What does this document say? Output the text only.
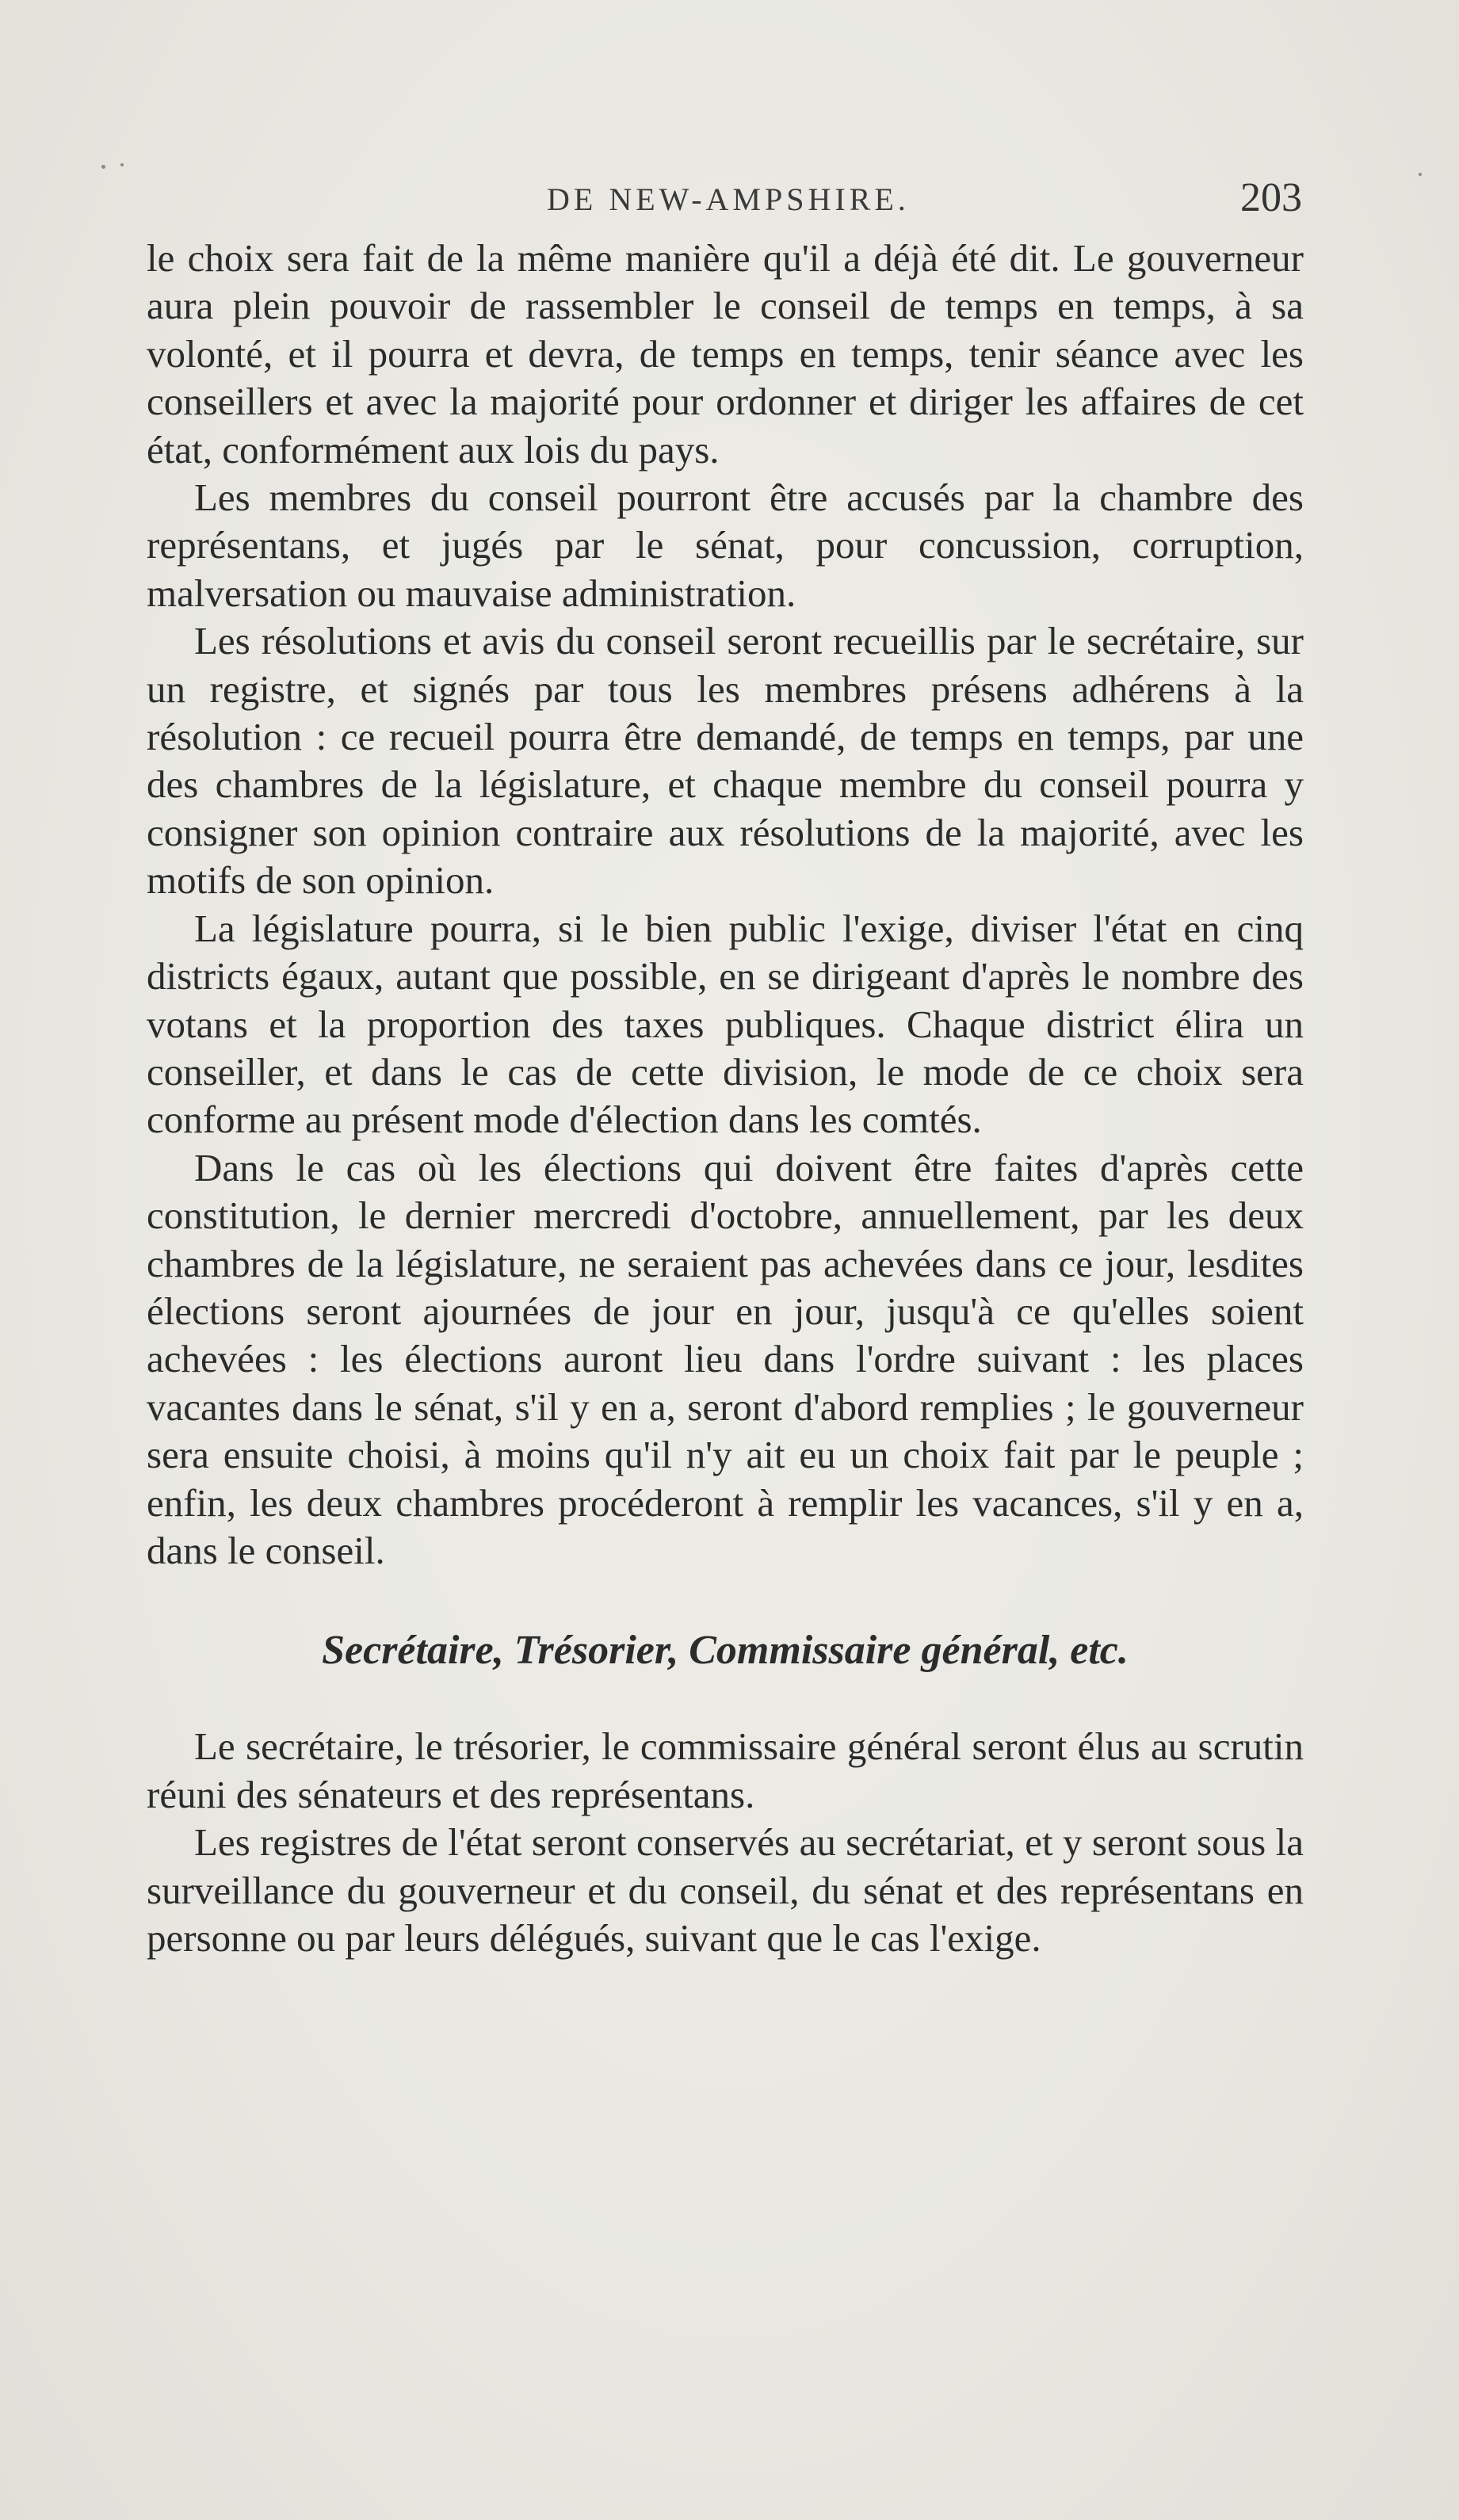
DE NEW-AMPSHIRE.	203

le choix sera fait de la même manière qu'il a déjà été dit. Le gouverneur aura plein pouvoir de rassembler le conseil de temps en temps, à sa volonté, et il pourra et devra, de temps en temps, tenir séance avec les conseillers et avec la majorité pour ordonner et diriger les affaires de cet état, conformément aux lois du pays.

Les membres du conseil pourront être accusés par la chambre des représentans, et jugés par le sénat, pour concussion, corruption, malversation ou mauvaise administration.

Les résolutions et avis du conseil seront recueillis par le secrétaire, sur un registre, et signés par tous les membres présens adhérens à la résolution : ce recueil pourra être demandé, de temps en temps, par une des chambres de la législature, et chaque membre du conseil pourra y consigner son opinion contraire aux résolutions de la majorité, avec les motifs de son opinion.

La législature pourra, si le bien public l'exige, diviser l'état en cinq districts égaux, autant que possible, en se dirigeant d'après le nombre des votans et la proportion des taxes publiques. Chaque district élira un conseiller, et dans le cas de cette division, le mode de ce choix sera conforme au présent mode d'élection dans les comtés.

Dans le cas où les élections qui doivent être faites d'après cette constitution, le dernier mercredi d'octobre, annuellement, par les deux chambres de la législature, ne seraient pas achevées dans ce jour, lesdites élections seront ajournées de jour en jour, jusqu'à ce qu'elles soient achevées : les élections auront lieu dans l'ordre suivant : les places vacantes dans le sénat, s'il y en a, seront d'abord remplies ; le gouverneur sera ensuite choisi, à moins qu'il n'y ait eu un choix fait par le peuple ; enfin, les deux chambres procéderont à remplir les vacances, s'il y en a, dans le conseil.

Secrétaire, Trésorier, Commissaire général, etc.

Le secrétaire, le trésorier, le commissaire général seront élus au scrutin réuni des sénateurs et des représentans.

Les registres de l'état seront conservés au secrétariat, et y seront sous la surveillance du gouverneur et du conseil, du sénat et des représentans en personne ou par leurs délégués, suivant que le cas l'exige.
